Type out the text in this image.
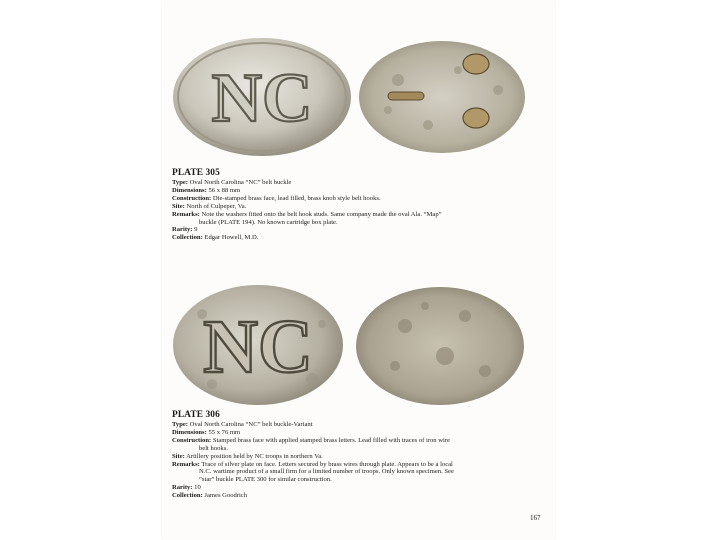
NC
PLATE 305

Type: Oval North Carolina “NC” belt buckle

Dimensions: 56 x 88 mm

Construction: Die-stamped brass face, lead filled, brass knob style belt hooks.

Site: North of Culpeper, Va.

Remarks: Note the washers fitted onto the belt hook studs. Same company made the oval Ala. “Map”

buckle (PLATE 194). No known cartridge box plate.

Rarity: 9

Collection: Edgar Howell, M.D.

NC
PLATE 306

Type: Oval North Carolina “NC” belt buckle-Variant

Dimensions: 55 x 76 mm

Construction: Stamped brass face with applied stamped brass letters. Lead filled with traces of iron wire

belt hooks.

Site: Artillery position held by NC troops in northern Va.

Remarks: Trace of silver plate on face. Letters secured by brass wires through plate. Appears to be a local

N.C. wartime product of a small firm for a limited number of troops. Only known specimen. See

“star” buckle PLATE 300 for similar construction.

Rarity: 10

Collection: James Goodrich

167
